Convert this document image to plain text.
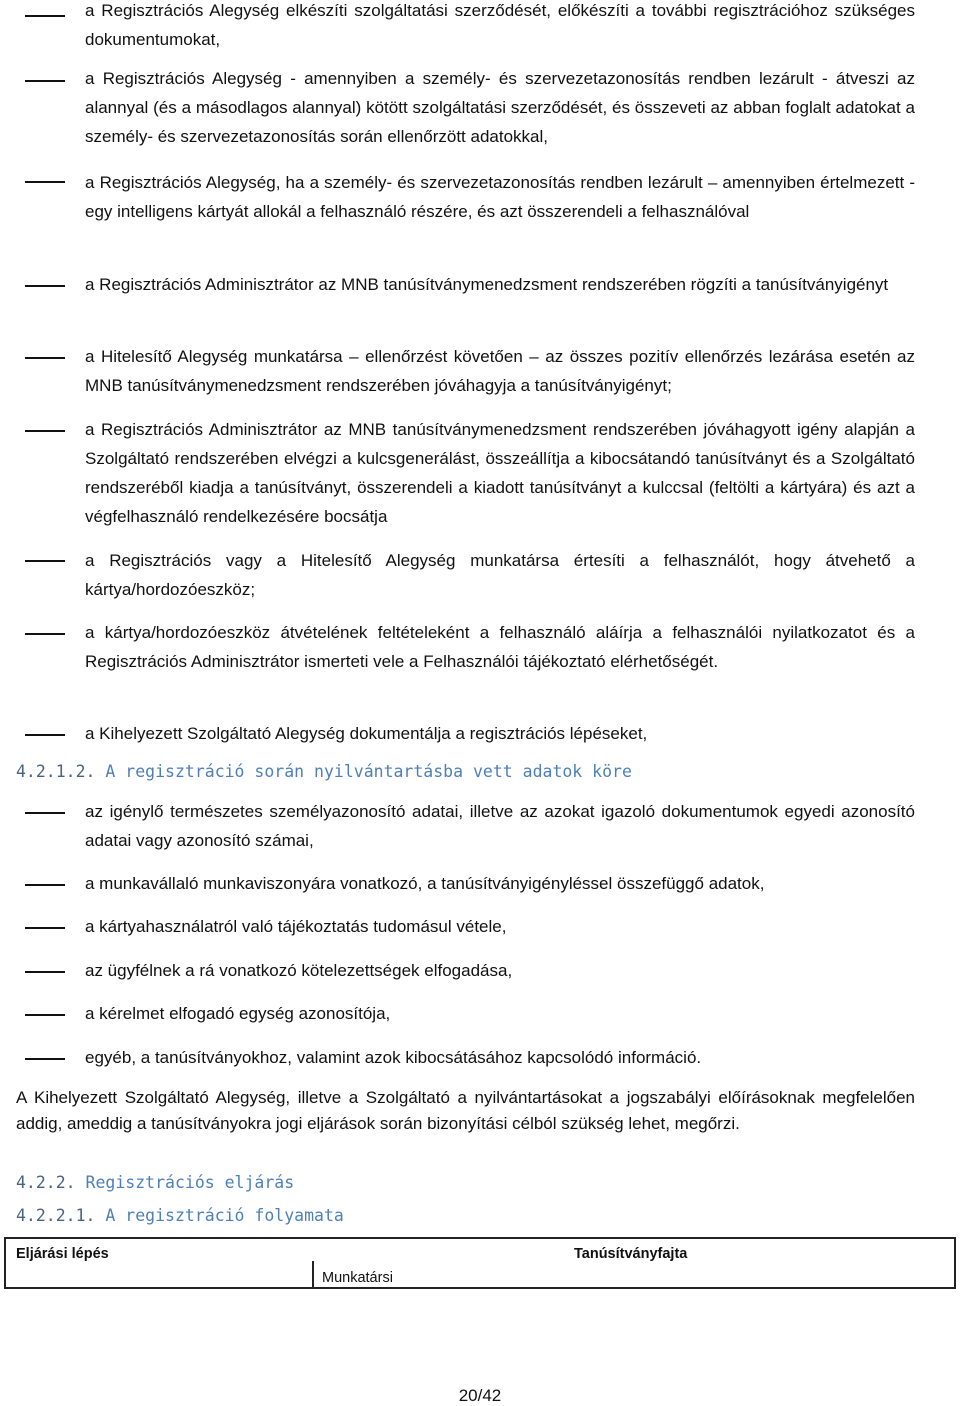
a Regisztrációs Alegység elkészíti szolgáltatási szerződését, előkészíti a további regisztrációhoz szükséges dokumentumokat,
a Regisztrációs Alegység - amennyiben a személy- és szervezetazonosítás rendben lezárult - átveszi az alannyal (és a másodlagos alannyal) kötött szolgáltatási szerződését, és összeveti az abban foglalt adatokat a személy- és szervezetazonosítás során ellenőrzött adatokkal,
a Regisztrációs Alegység, ha a személy- és szervezetazonosítás rendben lezárult – amennyiben értelmezett - egy intelligens kártyát allokál a felhasználó részére, és azt összerendeli a felhasználóval
a Regisztrációs Adminisztrátor az MNB tanúsítványmenedzsment rendszerében rögzíti a tanúsítványigényt
a Hitelesítő Alegység munkatársa – ellenőrzést követően – az összes pozitív ellenőrzés lezárása esetén az MNB tanúsítványmenedzsment rendszerében jóváhagyja a tanúsítványigényt;
a Regisztrációs Adminisztrátor az MNB tanúsítványmenedzsment rendszerében jóváhagyott igény alapján a Szolgáltató rendszerében elvégzi a kulcsgenerálást, összeállítja a kibocsátandó tanúsítványt és a Szolgáltató rendszeréből kiadja a tanúsítványt, összerendeli a kiadott tanúsítványt a kulccsal (feltölti a kártyára) és azt a végfelhasználó rendelkezésére bocsátja
a Regisztrációs vagy a Hitelesítő Alegység munkatársa értesíti a felhasználót, hogy átvehető a kártya/hordozóeszköz;
a kártya/hordozóeszköz átvételének feltételeként a felhasználó aláírja a felhasználói nyilatkozatot és a Regisztrációs Adminisztrátor ismerteti vele a Felhasználói tájékoztató elérhetőségét.
a Kihelyezett Szolgáltató Alegység dokumentálja a regisztrációs lépéseket,
4.2.1.2. A regisztráció során nyilvántartásba vett adatok köre
az igénylő természetes személyazonosító adatai, illetve az azokat igazoló dokumentumok egyedi azonosító adatai vagy azonosító számai,
a munkavállaló munkaviszonyára vonatkozó, a tanúsítványigényléssel összefüggő adatok,
a kártyahasználatról való tájékoztatás tudomásul vétele,
az ügyfélnek a rá vonatkozó kötelezettségek elfogadása,
a kérelmet elfogadó egység azonosítója,
egyéb, a tanúsítványokhoz, valamint azok kibocsátásához kapcsolódó információ.
A Kihelyezett Szolgáltató Alegység, illetve a Szolgáltató a nyilvántartásokat a jogszabályi előírásoknak megfelelően addig, ameddig a tanúsítványokra jogi eljárások során bizonyítási célból szükség lehet, megőrzi.
4.2.2. Regisztrációs eljárás
4.2.2.1. A regisztráció folyamata
Eljárási lépés	Tanúsítványfajta
Munkatársi
20/42
